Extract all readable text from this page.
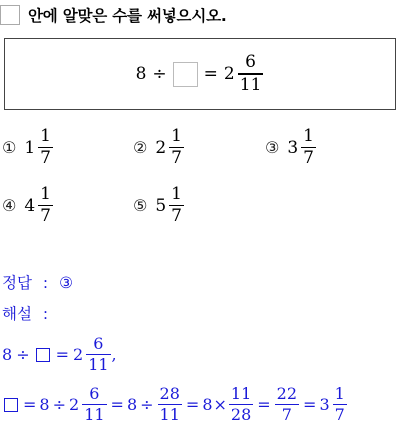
안에 알맞은 수를 써넣으시오.
8 ÷ = $2 \frac{6}{11}$
① $1 \frac{1}{7}$	② $2 \frac{1}{7}$	③ $3 \frac{1}{7}$
④ $4 \frac{1}{7}$	⑤ $5 \frac{1}{7}$
정답 : ③
해설 :
8 ÷ = $2 \frac{6}{11}$ ,
= $8 \div 2 \frac{6}{11} = 8 \div \frac{28}{11} = 8 \times \frac{11}{28} = \frac{22}{7} = 3 \frac{1}{7}$
